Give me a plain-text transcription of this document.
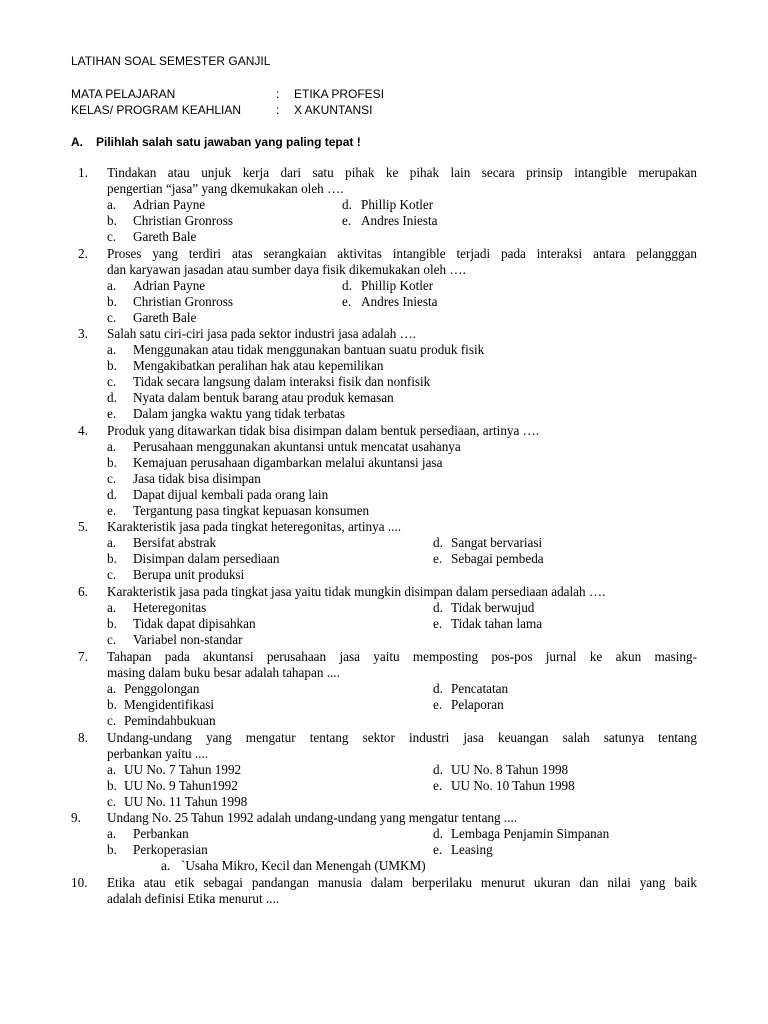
LATIHAN SOAL SEMESTER GANJIL
MATA PELAJARAN	: ETIKA PROFESI
KELAS/ PROGRAM KEAHLIAN	: X AKUNTANSI
A. Pilihlah salah satu jawaban yang paling tepat !
1. Tindakan atau unjuk kerja dari satu pihak ke pihak lain secara prinsip intangible merupakan
pengertian “jasa” yang dkemukakan oleh ….
a. Adrian Payne
b. Christian Gronross
c. Gareth Bale
d. Phillip Kotler
e. Andres Iniesta
2. Proses yang terdiri atas serangkaian aktivitas intangible terjadi pada interaksi antara pelangggan
dan karyawan jasadan atau sumber daya fisik dikemukakan oleh ….
a. Adrian Payne
b. Christian Gronross
c. Gareth Bale
d. Phillip Kotler
e. Andres Iniesta
3. Salah satu ciri-ciri jasa pada sektor industri jasa adalah ….
a. Menggunakan atau tidak menggunakan bantuan suatu produk fisik
b. Mengakibatkan peralihan hak atau kepemilikan
c. Tidak secara langsung dalam interaksi fisik dan nonfisik
d. Nyata dalam bentuk barang atau produk kemasan
e. Dalam jangka waktu yang tidak terbatas
4. Produk yang ditawarkan tidak bisa disimpan dalam bentuk persediaan, artinya ….
a. Perusahaan menggunakan akuntansi untuk mencatat usahanya
b. Kemajuan perusahaan digambarkan melalui akuntansi jasa
c. Jasa tidak bisa disimpan
d. Dapat dijual kembali pada orang lain
e. Tergantung pasa tingkat kepuasan konsumen
5. Karakteristik jasa pada tingkat heteregonitas, artinya ....
a. Bersifat abstrak
b. Disimpan dalam persediaan
c. Berupa unit produksi
d. Sangat bervariasi
e. Sebagai pembeda
6. Karakteristik jasa pada tingkat jasa yaitu tidak mungkin disimpan dalam persediaan adalah ….
a. Heteregonitas
b. Tidak dapat dipisahkan
c. Variabel non-standar
d. Tidak berwujud
e. Tidak tahan lama
7. Tahapan pada akuntansi perusahaan jasa yaitu memposting pos-pos jurnal ke akun masing-
masing dalam buku besar adalah tahapan ....
a. Penggolongan
b. Mengidentifikasi
c. Pemindahbukuan
d. Pencatatan
e. Pelaporan
8. Undang-undang yang mengatur tentang sektor industri jasa keuangan salah satunya tentang
perbankan yaitu ....
a. UU No. 7 Tahun 1992
b. UU No. 9 Tahun1992
c. UU No. 11 Tahun 1998
d. UU No. 8 Tahun 1998
e. UU No. 10 Tahun 1998
9. Undang No. 25 Tahun 1992 adalah undang-undang yang mengatur tentang ....
a. Perbankan
b. Perkoperasian
a. `Usaha Mikro, Kecil dan Menengah (UMKM)
d. Lembaga Penjamin Simpanan
e. Leasing
10. Etika atau etik sebagai pandangan manusia dalam berperilaku menurut ukuran dan nilai yang baik
adalah definisi Etika menurut ....
